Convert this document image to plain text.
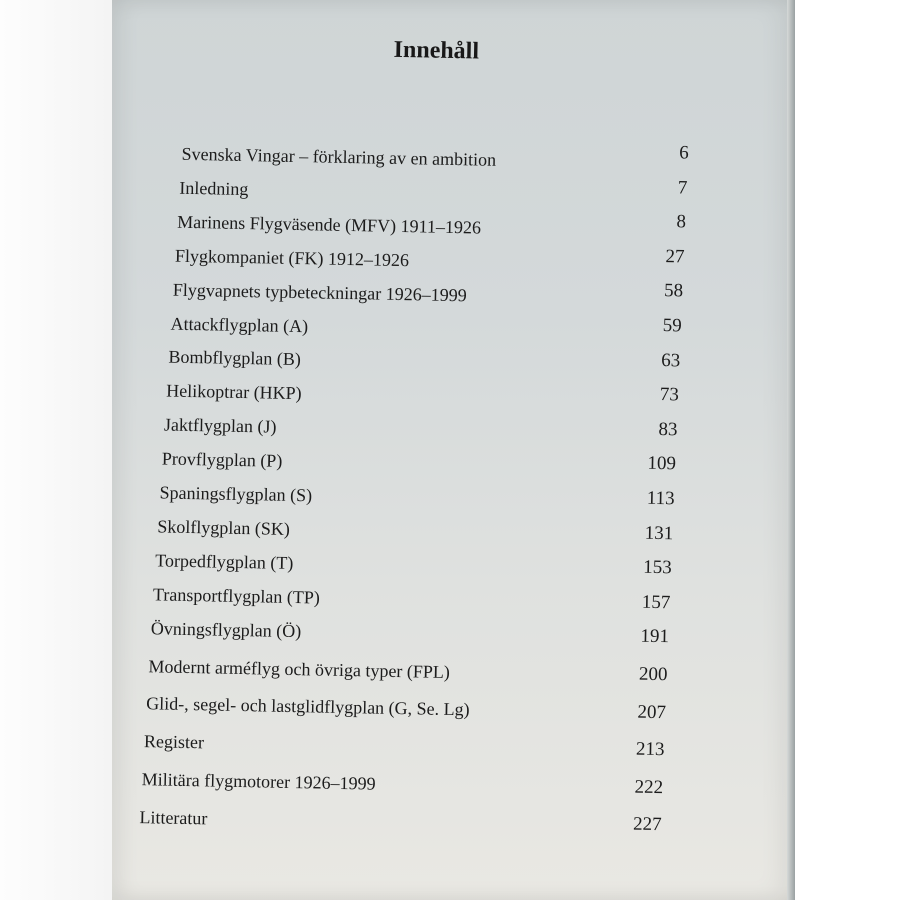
Innehåll
Svenska Vingar – förklaring av en ambition
Inledning
Marinens Flygväsende (MFV) 1911–1926
Flygkompaniet (FK) 1912–1926
Flygvapnets typbeteckningar 1926–1999
Attackflygplan (A)
Bombflygplan (B)
Helikoptrar (HKP)
Jaktflygplan (J)
Provflygplan (P)
Spaningsflygplan (S)
Skolflygplan (SK)
Torpedflygplan (T)
Transportflygplan (TP)
Övningsflygplan (Ö)
Modernt arméflyg och övriga typer (FPL)
Glid-, segel- och lastglidflygplan (G, Se. Lg)
Register
Militära flygmotorer 1926–1999
Litteratur
6
7
8
27
58
59
63
73
83
109
113
131
153
157
191
200
207
213
222
227
